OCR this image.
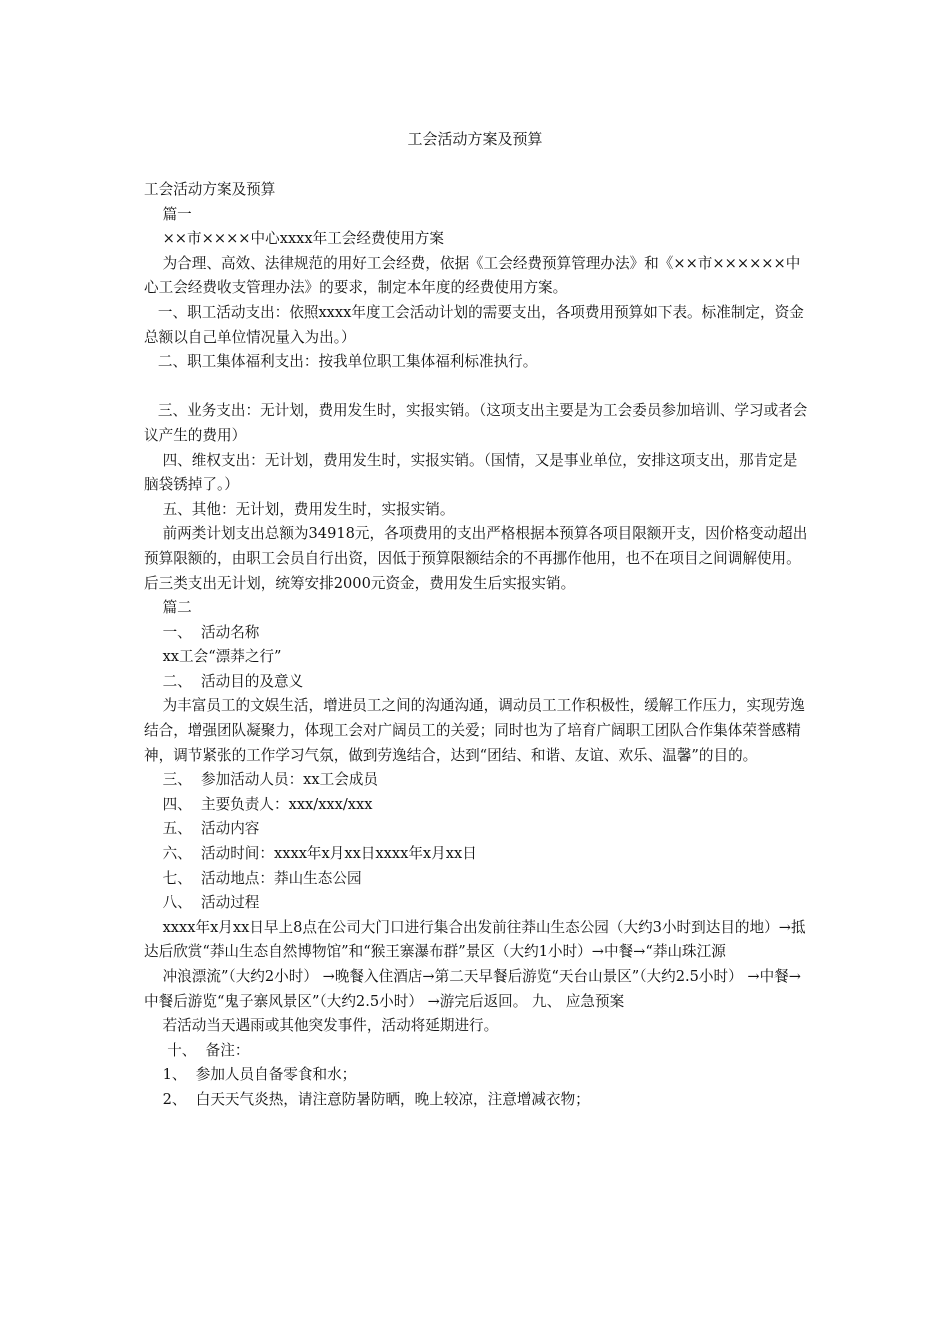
工会活动方案及预算

工会活动方案及预算

篇一

××市××××中心xxxx年工会经费使用方案

为合理、高效、法律规范的用好工会经费，依据《工会经费预算管理办法》和《××市××××××中心工会经费收支管理办法》的要求，制定本年度的经费使用方案。

一、职工活动支出：依照xxxx年度工会活动计划的需要支出，各项费用预算如下表。标准制定，资金总额以自己单位情况量入为出。）

二、职工集体福利支出：按我单位职工集体福利标准执行。

三、业务支出：无计划，费用发生时，实报实销。（这项支出主要是为工会委员参加培训、学习或者会议产生的费用）

四、维权支出：无计划，费用发生时，实报实销。（国情，又是事业单位，安排这项支出，那肯定是脑袋锈掉了。）

五、其他：无计划，费用发生时，实报实销。

前两类计划支出总额为34918元，各项费用的支出严格根据本预算各项目限额开支，因价格变动超出预算限额的，由职工会员自行出资，因低于预算限额结余的不再挪作他用，也不在项目之间调解使用。后三类支出无计划，统筹安排2000元资金，费用发生后实报实销。

篇二

一、  活动名称

xx工会“漂莽之行”

二、  活动目的及意义

为丰富员工的文娱生活，增进员工之间的沟通沟通，调动员工工作积极性，缓解工作压力，实现劳逸结合，增强团队凝聚力，体现工会对广阔员工的关爱；同时也为了培育广阔职工团队合作集体荣誉感精神，调节紧张的工作学习气氛，做到劳逸结合，达到“团结、和谐、友谊、欢乐、温馨”的目的。

三、  参加活动人员：xx工会成员

四、  主要负责人：xxx/xxx/xxx

五、  活动内容

六、  活动时间：xxxx年x月xx日xxxx年x月xx日

七、  活动地点：莽山生态公园

八、  活动过程

xxxx年x月xx日早上8点在公司大门口进行集合出发前往莽山生态公园（大约3小时到达目的地）→抵达后欣赏“莽山生态自然博物馆”和“猴王寨瀑布群”景区（大约1小时）→中餐→“莽山珠江源

冲浪漂流”（大约2小时） →晚餐入住酒店→第二天早餐后游览“天台山景区”（大约2.5小时） →中餐→中餐后游览“鬼子寨风景区”（大约2.5小时） →游完后返回。 九、 应急预案

若活动当天遇雨或其他突发事件，活动将延期进行。

十、  备注：

1、  参加人员自备零食和水；

2、  白天天气炎热，请注意防暑防晒，晚上较凉，注意增减衣物；
